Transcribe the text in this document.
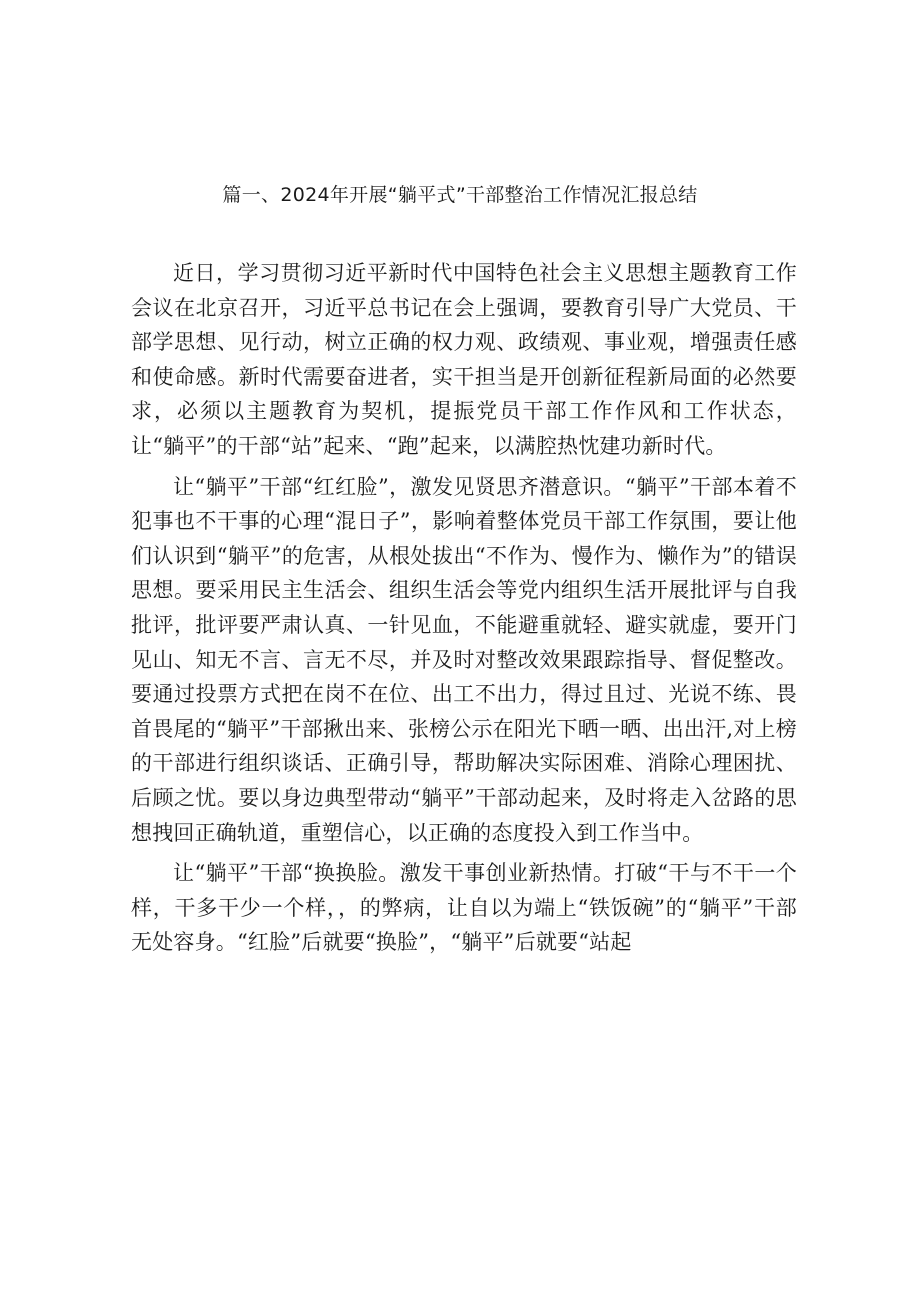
篇一、2024年开展“躺平式”干部整治工作情况汇报总结

近日，学习贯彻习近平新时代中国特色社会主义思想主题教育工作会议在北京召开，习近平总书记在会上强调，要教育引导广大党员、干部学思想、见行动，树立正确的权力观、政绩观、事业观，增强责任感和使命感。新时代需要奋进者，实干担当是开创新征程新局面的必然要求，必须以主题教育为契机，提振党员干部工作作风和工作状态，让“躺平”的干部“站”起来、“跑”起来，以满腔热忱建功新时代。

让“躺平”干部“红红脸”，激发见贤思齐潜意识。“躺平”干部本着不犯事也不干事的心理“混日子”，影响着整体党员干部工作氛围，要让他们认识到“躺平”的危害，从根处拔出“不作为、慢作为、懒作为”的错误思想。要采用民主生活会、组织生活会等党内组织生活开展批评与自我批评，批评要严肃认真、一针见血，不能避重就轻、避实就虚，要开门见山、知无不言、言无不尽，并及时对整改效果跟踪指导、督促整改。要通过投票方式把在岗不在位、出工不出力，得过且过、光说不练、畏首畏尾的“躺平”干部揪出来、张榜公示在阳光下晒一晒、出出汗,对上榜的干部进行组织谈话、正确引导，帮助解决实际困难、消除心理困扰、后顾之忧。要以身边典型带动“躺平”干部动起来，及时将走入岔路的思想拽回正确轨道，重塑信心，以正确的态度投入到工作当中。

让“躺平”干部“换换脸。激发干事创业新热情。打破“干与不干一个样，干多干少一个样，，的弊病，让自以为端上“铁饭碗”的“躺平”干部无处容身。“红脸”后就要“换脸”，“躺平”后就要“站起
